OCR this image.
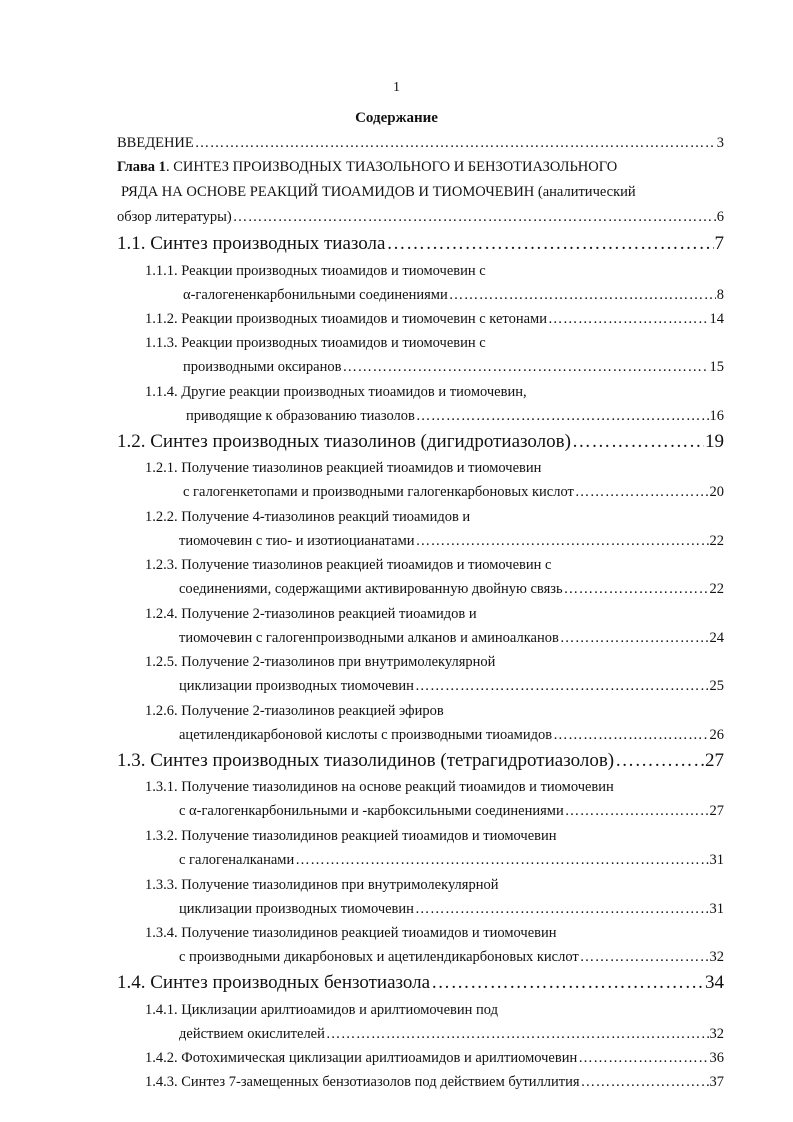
1
Содержание
ВВЕДЕНИЕ …………………………………………………………………………………………………………………………………………………………………………………………………………………………	3
Глава 1. СИНТЕЗ ПРОИЗВОДНЫХ ТИАЗОЛЬНОГО И БЕНЗОТИАЗОЛЬНОГО
РЯДА НА ОСНОВЕ РЕАКЦИЙ ТИОАМИДОВ И ТИОМОЧЕВИН (аналитический
обзор литературы) …………………………………………………………………………………………………………………………………………………………………………………………………………………………	6
1.1. Синтез производных тиазола …………………………………………………………………………………………………………………………………………………………………………………………………………………………	7
1.1.1. Реакции производных тиоамидов и тиомочевин с
α-галогененкарбонильными соединениями …………………………………………………………………………………………………………………………………………………………………………………………………………………………	8
1.1.2. Реакции производных тиоамидов и тиомочевин с кетонами …………………………………………………………………………………………………………………………………………………………………………………………………………………………	14
1.1.3. Реакции производных тиоамидов и тиомочевин с
производными оксиранов …………………………………………………………………………………………………………………………………………………………………………………………………………………………	15
1.1.4. Другие реакции производных тиоамидов и тиомочевин,
приводящие к образованию тиазолов …………………………………………………………………………………………………………………………………………………………………………………………………………………………	16
1.2. Синтез производных тиазолинов (дигидротиазолов) …………………………………………………………………………………………………………………………………………………………………………………………………………………………	19
1.2.1. Получение тиазолинов реакцией тиоамидов и тиомочевин
с галогенкетопами и производными галогенкарбоновых кислот …………………………………………………………………………………………………………………………………………………………………………………………………………………………	20
1.2.2. Получение 4-тиазолинов реакций тиоамидов и
тиомочевин с тио- и изотиоцианатами …………………………………………………………………………………………………………………………………………………………………………………………………………………………	22
1.2.3. Получение тиазолинов реакцией тиоамидов и тиомочевин с
соединениями, содержащими активированную двойную связь …………………………………………………………………………………………………………………………………………………………………………………………………………………………	22
1.2.4. Получение 2-тиазолинов реакцией тиоамидов и
тиомочевин с галогенпроизводными алканов и аминоалканов …………………………………………………………………………………………………………………………………………………………………………………………………………………………	24
1.2.5. Получение 2-тиазолинов при внутримолекулярной
циклизации производных тиомочевин …………………………………………………………………………………………………………………………………………………………………………………………………………………………	25
1.2.6. Получение 2-тиазолинов реакцией эфиров
ацетилендикарбоновой кислоты с производными тиоамидов …………………………………………………………………………………………………………………………………………………………………………………………………………………………	26
1.3. Синтез производных тиазолидинов (тетрагидротиазолов) …………………………………………………………………………………………………………………………………………………………………………………………………………………………	27
1.3.1. Получение тиазолидинов на основе реакций тиоамидов и тиомочевин
с α-галогенкарбонильными и -карбоксильными соединениями …………………………………………………………………………………………………………………………………………………………………………………………………………………………	27
1.3.2. Получение тиазолидинов реакцией тиоамидов и тиомочевин
с галогеналканами …………………………………………………………………………………………………………………………………………………………………………………………………………………………	31
1.3.3. Получение тиазолидинов при внутримолекулярной
циклизации производных тиомочевин …………………………………………………………………………………………………………………………………………………………………………………………………………………………	31
1.3.4. Получение тиазолидинов реакцией тиоамидов и тиомочевин
с производными дикарбоновых и ацетилендикарбоновых кислот …………………………………………………………………………………………………………………………………………………………………………………………………………………………	32
1.4. Синтез производных бензотиазола …………………………………………………………………………………………………………………………………………………………………………………………………………………………	34
1.4.1. Циклизации арилтиоамидов и арилтиомочевин под
действием окислителей …………………………………………………………………………………………………………………………………………………………………………………………………………………………	32
1.4.2. Фотохимическая циклизации арилтиоамидов и арилтиомочевин …………………………………………………………………………………………………………………………………………………………………………………………………………………………	36
1.4.3. Синтез 7-замещенных бензотиазолов под действием бутиллития …………………………………………………………………………………………………………………………………………………………………………………………………………………………	37
